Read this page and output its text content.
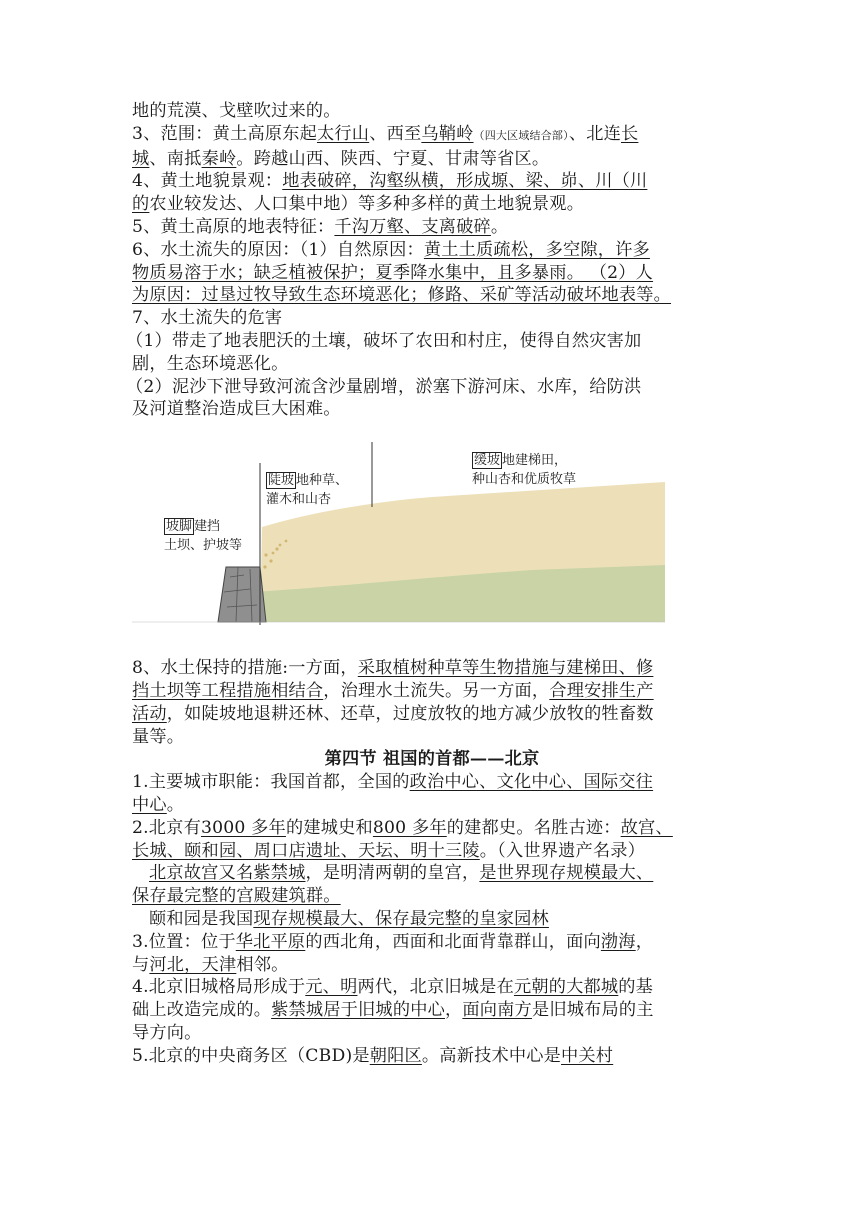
地的荒漠、戈壁吹过来的。
3、范围：黄土高原东起太行山、西至乌鞘岭（四大区域结合部）、北连长
城、南抵秦岭。跨越山西、陕西、宁夏、甘肃等省区。
4、黄土地貌景观：地表破碎，沟壑纵横，形成塬、梁、峁、川（川
的农业较发达、人口集中地）等多种多样的黄土地貌景观。
5、黄土高原的地表特征：千沟万壑、支离破碎。
6、水土流失的原因：（1）自然原因：黄土土质疏松，多空隙，许多
物质易溶于水；缺乏植被保护；夏季降水集中，且多暴雨。 （2）人
为原因：过垦过牧导致生态环境恶化；修路、采矿等活动破坏地表等。
7、水土流失的危害
（1）带走了地表肥沃的土壤，破坏了农田和村庄，使得自然灾害加
剧，生态环境恶化。
（2）泥沙下泄导致河流含沙量剧增，淤塞下游河床、水库，给防洪
及河道整治造成巨大困难。
陡坡 地种草、
灌木和山杏
缓坡 地建梯田，
种山杏和优质牧草
坡脚 建挡
土坝、护坡等
8、水土保持的措施:一方面，采取植树种草等生物措施与建梯田、修
挡土坝等工程措施相结合，治理水土流失。另一方面，合理安排生产
活动，如陡坡地退耕还林、还草，过度放牧的地方减少放牧的牲畜数
量等。
第四节 祖国的首都——北京
1.主要城市职能：我国首都，全国的政治中心、文化中心、国际交往
中心。
2.北京有3000 多年的建城史和800 多年的建都史。名胜古迹：故宫、
长城、颐和园、周口店遗址、天坛、明十三陵。（入世界遗产名录）
北京故宫又名紫禁城，是明清两朝的皇宫，是世界现存规模最大、
保存最完整的宫殿建筑群。
颐和园是我国现存规模最大、保存最完整的皇家园林
3.位置：位于华北平原的西北角，西面和北面背靠群山，面向渤海，
与河北，天津相邻。
4.北京旧城格局形成于元、明两代，北京旧城是在元朝的大都城的基
础上改造完成的。紫禁城居于旧城的中心，面向南方是旧城布局的主
导方向。
5.北京的中央商务区（CBD)是朝阳区。高新技术中心是中关村
